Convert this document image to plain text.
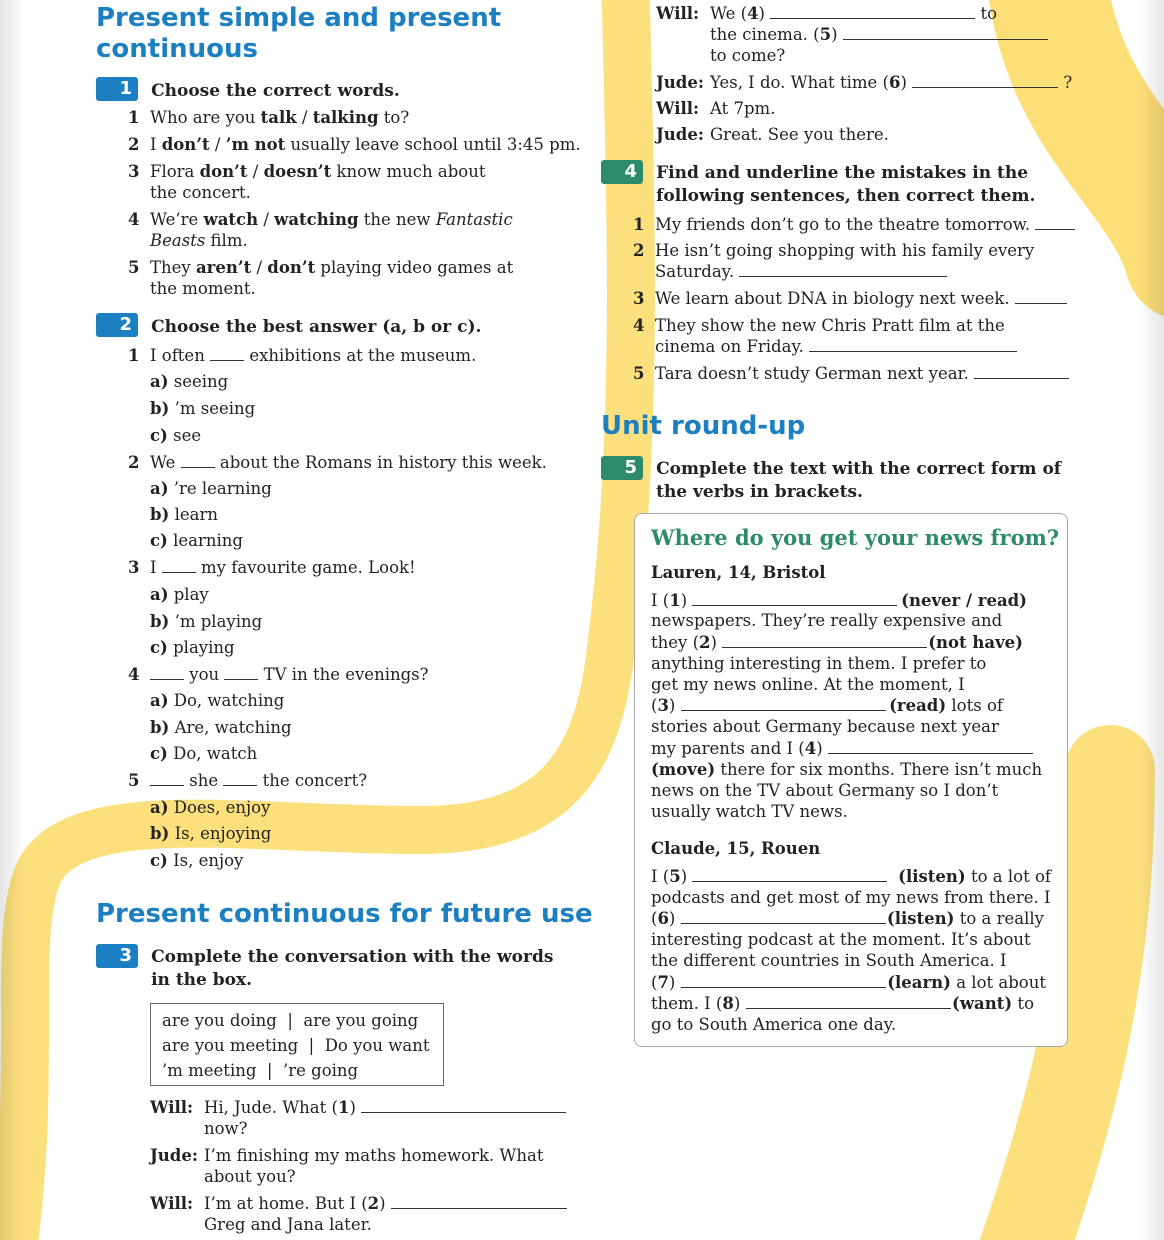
Present simple and present
continuous
1 Choose the correct words.
1 Who are you talk / talking to?
2 I don’t / ’m not usually leave school until 3:45 pm.
3 Flora don’t / doesn’t know much about
the concert.
4 We’re watch / watching the new Fantastic
Beasts film.
5 They aren’t / don’t playing video games at
the moment.
2 Choose the best answer (a, b or c).
1 I often	exhibitions at the museum.
a) seeing
b) ’m seeing
c) see
2 We	about the Romans in history this week.
a) ’re learning
b) learn
c) learning
3 I	my favourite game. Look!
a) play
b) ’m playing
c) playing
4	you	TV in the evenings?
a) Do, watching
b) Are, watching
c) Do, watch
5	she	the concert?
a) Does, enjoy
b) Is, enjoying
c) Is, enjoy
Present continuous for future use
3 Complete the conversation with the words
in the box.
are you doing | are you going
are you meeting | Do you want
’m meeting | ’re going
Will: Hi, Jude. What (1)
now?
Jude: I’m finishing my maths homework. What
about you?
Will: I’m at home. But I (2)
Greg and Jana later.
Will: We (4)	to
the cinema. (5)
to come?
Jude: Yes, I do. What time (6)	?
Will: At 7pm.
Jude: Great. See you there.
4 Find and underline the mistakes in the
following sentences, then correct them.
1 My friends don’t go to the theatre tomorrow.
2 He isn’t going shopping with his family every
Saturday.
3 We learn about DNA in biology next week.
4 They show the new Chris Pratt film at the
cinema on Friday.
5 Tara doesn’t study German next year.
Unit round-up
5 Complete the text with the correct form of
the verbs in brackets.
Where do you get your news from?
Lauren, 14, Bristol
I (1)	(never / read)
newspapers. They’re really expensive and
they (2)	(not have)
anything interesting in them. I prefer to
get my news online. At the moment, I
(3)	(read) lots of
stories about Germany because next year
my parents and I (4)
(move) there for six months. There isn’t much
news on the TV about Germany so I don’t
usually watch TV news.
Claude, 15, Rouen
I (5)	(listen) to a lot of
podcasts and get most of my news from there. I
(6)	(listen) to a really
interesting podcast at the moment. It’s about
the different countries in South America. I
(7)	(learn) a lot about
them. I (8)	(want) to
go to South America one day.
